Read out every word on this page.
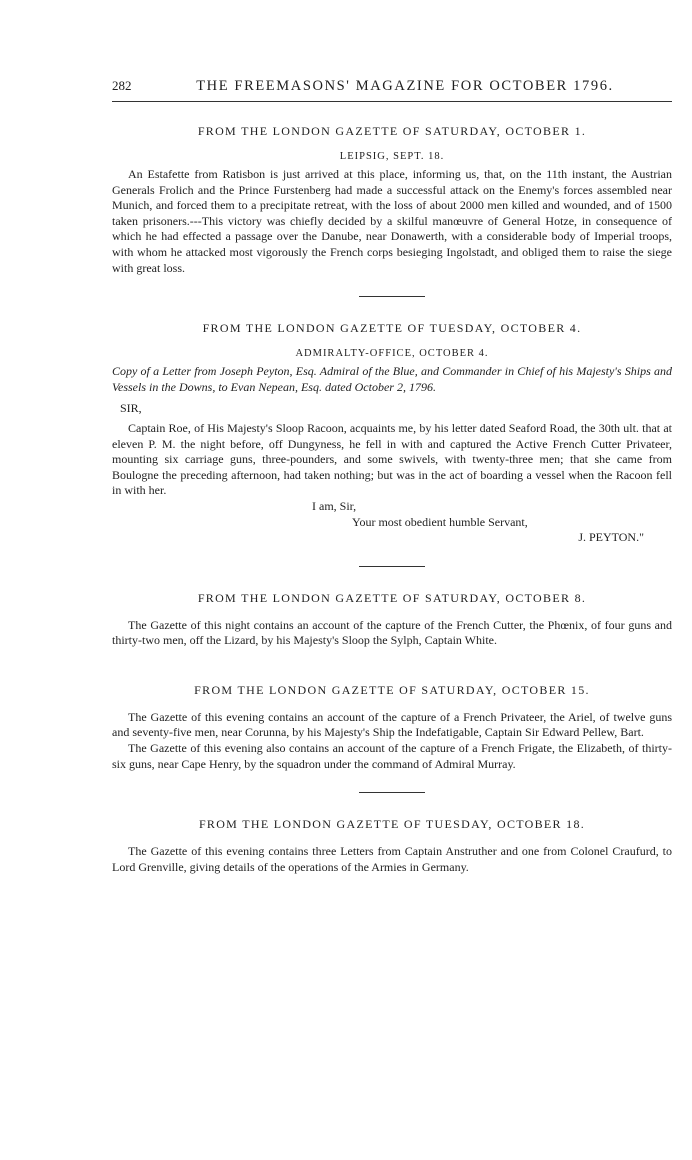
282	THE FREEMASONS' MAGAZINE FOR OCTOBER 1796.
FROM THE LONDON GAZETTE OF SATURDAY, OCTOBER 1.
LEIPSIG, SEPT. 18.

An Estafette from Ratisbon is just arrived at this place, informing us, that, on the 11th instant, the Austrian Generals Frolich and the Prince Furstenberg had made a successful attack on the Enemy's forces assembled near Munich, and forced them to a precipitate retreat, with the loss of about 2000 men killed and wounded, and of 1500 taken prisoners.---This victory was chiefly decided by a skilful manœuvre of General Hotze, in consequence of which he had effected a passage over the Danube, near Donawerth, with a considerable body of Imperial troops, with whom he attacked most vigorously the French corps besieging Ingolstadt, and obliged them to raise the siege with great loss.

FROM THE LONDON GAZETTE OF TUESDAY, OCTOBER 4.
ADMIRALTY-OFFICE, OCTOBER 4.

Copy of a Letter from Joseph Peyton, Esq. Admiral of the Blue, and Commander in Chief of his Majesty's Ships and Vessels in the Downs, to Evan Nepean, Esq. dated October 2, 1796.

SIR,

Captain Roe, of His Majesty's Sloop Racoon, acquaints me, by his letter dated Seaford Road, the 30th ult. that at eleven P. M. the night before, off Dungyness, he fell in with and captured the Active French Cutter Privateer, mounting six carriage guns, three-pounders, and some swivels, with twenty-three men; that she came from Boulogne the preceding afternoon, had taken nothing; but was in the act of boarding a vessel when the Racoon fell in with her.

I am, Sir,
Your most obedient humble Servant,
J. PEYTON."
FROM THE LONDON GAZETTE OF SATURDAY, OCTOBER 8.

The Gazette of this night contains an account of the capture of the French Cutter, the Phœnix, of four guns and thirty-two men, off the Lizard, by his Majesty's Sloop the Sylph, Captain White.

FROM THE LONDON GAZETTE OF SATURDAY, OCTOBER 15.

The Gazette of this evening contains an account of the capture of a French Privateer, the Ariel, of twelve guns and seventy-five men, near Corunna, by his Majesty's Ship the Indefatigable, Captain Sir Edward Pellew, Bart.

The Gazette of this evening also contains an account of the capture of a French Frigate, the Elizabeth, of thirty-six guns, near Cape Henry, by the squadron under the command of Admiral Murray.

FROM THE LONDON GAZETTE OF TUESDAY, OCTOBER 18.

The Gazette of this evening contains three Letters from Captain Anstruther and one from Colonel Craufurd, to Lord Grenville, giving details of the operations of the Armies in Germany.
